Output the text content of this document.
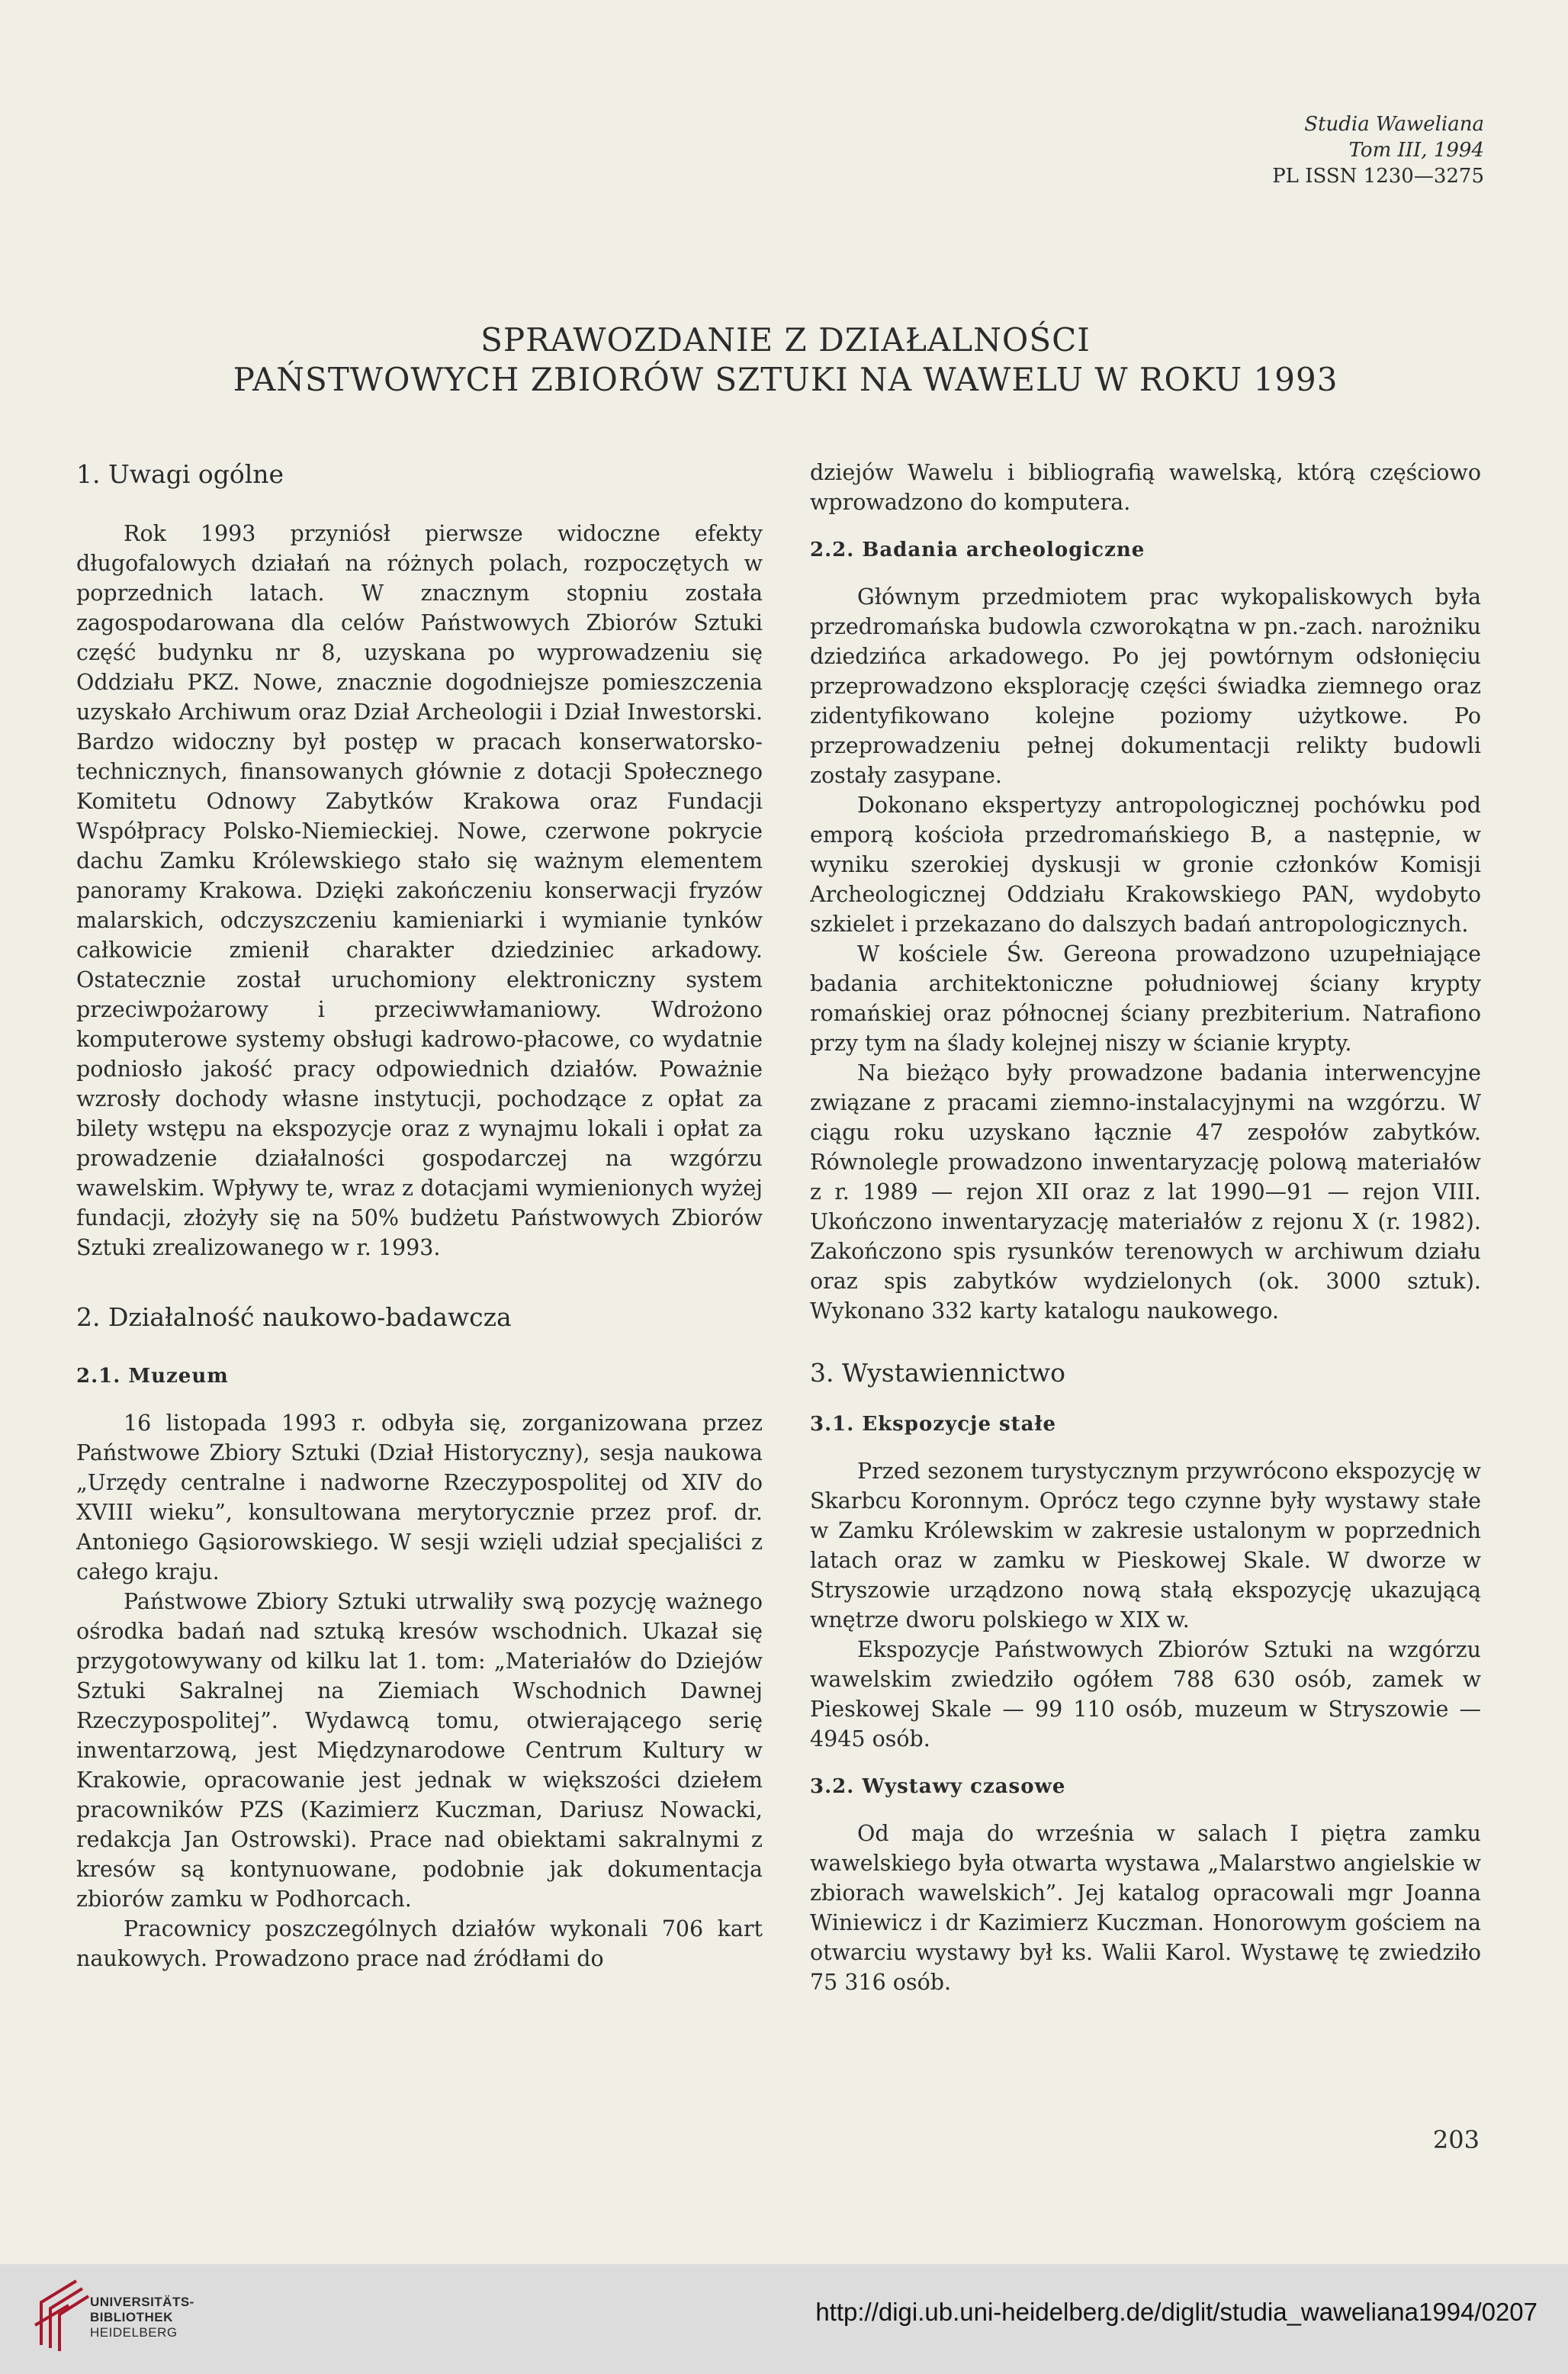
Studia Waweliana
Tom III, 1994
PL ISSN 1230—3275
SPRAWOZDANIE Z DZIAŁALNOŚCI
PAŃSTWOWYCH ZBIORÓW SZTUKI NA WAWELU W ROKU 1993
1. Uwagi ogólne

Rok 1993 przyniósł pierwsze widoczne efekty długofalowych działań na różnych polach, rozpoczętych w poprzednich latach. W znacznym stopniu została zagospodarowana dla celów Państwowych Zbiorów Sztuki część budynku nr 8, uzyskana po wyprowadzeniu się Oddziału PKZ. Nowe, znacznie dogodniejsze pomieszczenia uzyskało Archiwum oraz Dział Archeologii i Dział Inwestorski. Bardzo widoczny był postęp w pracach konserwatorsko-technicznych, finansowanych głównie z dotacji Społecznego Komitetu Odnowy Zabytków Krakowa oraz Fundacji Współpracy Polsko-Niemieckiej. Nowe, czerwone pokrycie dachu Zamku Królewskiego stało się ważnym elementem panoramy Krakowa. Dzięki zakończeniu konserwacji fryzów malarskich, odczyszczeniu kamieniarki i wymianie tynków całkowicie zmienił charakter dziedziniec arkadowy. Ostatecznie został uruchomiony elektroniczny system przeciwpożarowy i przeciwwłamaniowy. Wdrożono komputerowe systemy obsługi kadrowo-płacowe, co wydatnie podniosło jakość pracy odpowiednich działów. Poważnie wzrosły dochody własne instytucji, pochodzące z opłat za bilety wstępu na ekspozycje oraz z wynajmu lokali i opłat za prowadzenie działalności gospodarczej na wzgórzu wawelskim. Wpływy te, wraz z dotacjami wymienionych wyżej fundacji, złożyły się na 50% budżetu Państwowych Zbiorów Sztuki zrealizowanego w r. 1993.

2. Działalność naukowo-badawcza
2.1. Muzeum

16 listopada 1993 r. odbyła się, zorganizowana przez Państwowe Zbiory Sztuki (Dział Historyczny), sesja naukowa „Urzędy centralne i nadworne Rzeczypospolitej od XIV do XVIII wieku”, konsultowana merytorycznie przez prof. dr. Antoniego Gąsiorowskiego. W sesji wzięli udział specjaliści z całego kraju.

Państwowe Zbiory Sztuki utrwaliły swą pozycję ważnego ośrodka badań nad sztuką kresów wschodnich. Ukazał się przygotowywany od kilku lat 1. tom: „Materiałów do Dziejów Sztuki Sakralnej na Ziemiach Wschodnich Dawnej Rzeczypospolitej”. Wydawcą tomu, otwierającego serię inwentarzową, jest Międzynarodowe Centrum Kultury w Krakowie, opracowanie jest jednak w większości dziełem pracowników PZS (Kazimierz Kuczman, Dariusz Nowacki, redakcja Jan Ostrowski). Prace nad obiektami sakralnymi z kresów są kontynuowane, podobnie jak dokumentacja zbiorów zamku w Podhorcach.

Pracownicy poszczególnych działów wykonali 706 kart naukowych. Prowadzono prace nad źródłami do

dziejów Wawelu i bibliografią wawelską, którą częściowo wprowadzono do komputera.

2.2. Badania archeologiczne

Głównym przedmiotem prac wykopaliskowych była przedromańska budowla czworokątna w pn.-zach. narożniku dziedzińca arkadowego. Po jej powtórnym odsłonięciu przeprowadzono eksplorację części świadka ziemnego oraz zidentyfikowano kolejne poziomy użytkowe. Po przeprowadzeniu pełnej dokumentacji relikty budowli zostały zasypane.

Dokonano ekspertyzy antropologicznej pochówku pod emporą kościoła przedromańskiego B, a następnie, w wyniku szerokiej dyskusji w gronie członków Komisji Archeologicznej Oddziału Krakowskiego PAN, wydobyto szkielet i przekazano do dalszych badań antropologicznych.

W kościele Św. Gereona prowadzono uzupełniające badania architektoniczne południowej ściany krypty romańskiej oraz północnej ściany prezbiterium. Natrafiono przy tym na ślady kolejnej niszy w ścianie krypty.

Na bieżąco były prowadzone badania interwencyjne związane z pracami ziemno-instalacyjnymi na wzgórzu. W ciągu roku uzyskano łącznie 47 zespołów zabytków. Równolegle prowadzono inwentaryzację polową materiałów z r. 1989 — rejon XII oraz z lat 1990—91 — rejon VIII. Ukończono inwentaryzację materiałów z rejonu X (r. 1982). Zakończono spis rysunków terenowych w archiwum działu oraz spis zabytków wydzielonych (ok. 3000 sztuk). Wykonano 332 karty katalogu naukowego.

3. Wystawiennictwo
3.1. Ekspozycje stałe

Przed sezonem turystycznym przywrócono ekspozycję w Skarbcu Koronnym. Oprócz tego czynne były wystawy stałe w Zamku Królewskim w zakresie ustalonym w poprzednich latach oraz w zamku w Pieskowej Skale. W dworze w Stryszowie urządzono nową stałą ekspozycję ukazującą wnętrze dworu polskiego w XIX w.

Ekspozycje Państwowych Zbiorów Sztuki na wzgórzu wawelskim zwiedziło ogółem 788 630 osób, zamek w Pieskowej Skale — 99 110 osób, muzeum w Stryszowie — 4945 osób.

3.2. Wystawy czasowe

Od maja do września w salach I piętra zamku wawelskiego była otwarta wystawa „Malarstwo angielskie w zbiorach wawelskich”. Jej katalog opracowali mgr Joanna Winiewicz i dr Kazimierz Kuczman. Honorowym gościem na otwarciu wystawy był ks. Walii Karol. Wystawę tę zwiedziło 75 316 osób.

203
UNIVERSITÄTS-
BIBLIOTHEK
HEIDELBERG
http://digi.ub.uni-heidelberg.de/diglit/studia_waweliana1994/0207
